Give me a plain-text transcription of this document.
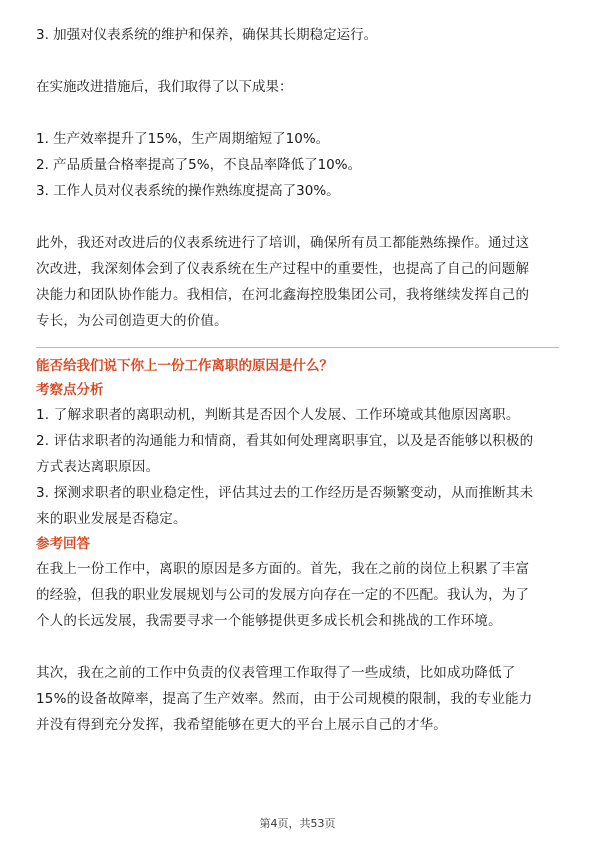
3. 加强对仪表系统的维护和保养，确保其长期稳定运行。

在实施改进措施后，我们取得了以下成果：

1. 生产效率提升了15%，生产周期缩短了10%。

2. 产品质量合格率提高了5%，不良品率降低了10%。

3. 工作人员对仪表系统的操作熟练度提高了30%。

此外，我还对改进后的仪表系统进行了培训，确保所有员工都能熟练操作。通过这

次改进，我深刻体会到了仪表系统在生产过程中的重要性，也提高了自己的问题解

决能力和团队协作能力。我相信，在河北鑫海控股集团公司，我将继续发挥自己的

专长，为公司创造更大的价值。

能否给我们说下你上一份工作离职的原因是什么？

考察点分析

1. 了解求职者的离职动机，判断其是否因个人发展、工作环境或其他原因离职。

2. 评估求职者的沟通能力和情商，看其如何处理离职事宜，以及是否能够以积极的

方式表达离职原因。

3. 探测求职者的职业稳定性，评估其过去的工作经历是否频繁变动，从而推断其未

来的职业发展是否稳定。

参考回答

在我上一份工作中，离职的原因是多方面的。首先，我在之前的岗位上积累了丰富

的经验，但我的职业发展规划与公司的发展方向存在一定的不匹配。我认为，为了

个人的长远发展，我需要寻求一个能够提供更多成长机会和挑战的工作环境。

其次，我在之前的工作中负责的仪表管理工作取得了一些成绩，比如成功降低了

15%的设备故障率，提高了生产效率。然而，由于公司规模的限制，我的专业能力

并没有得到充分发挥，我希望能够在更大的平台上展示自己的才华。

第4页，共53页
